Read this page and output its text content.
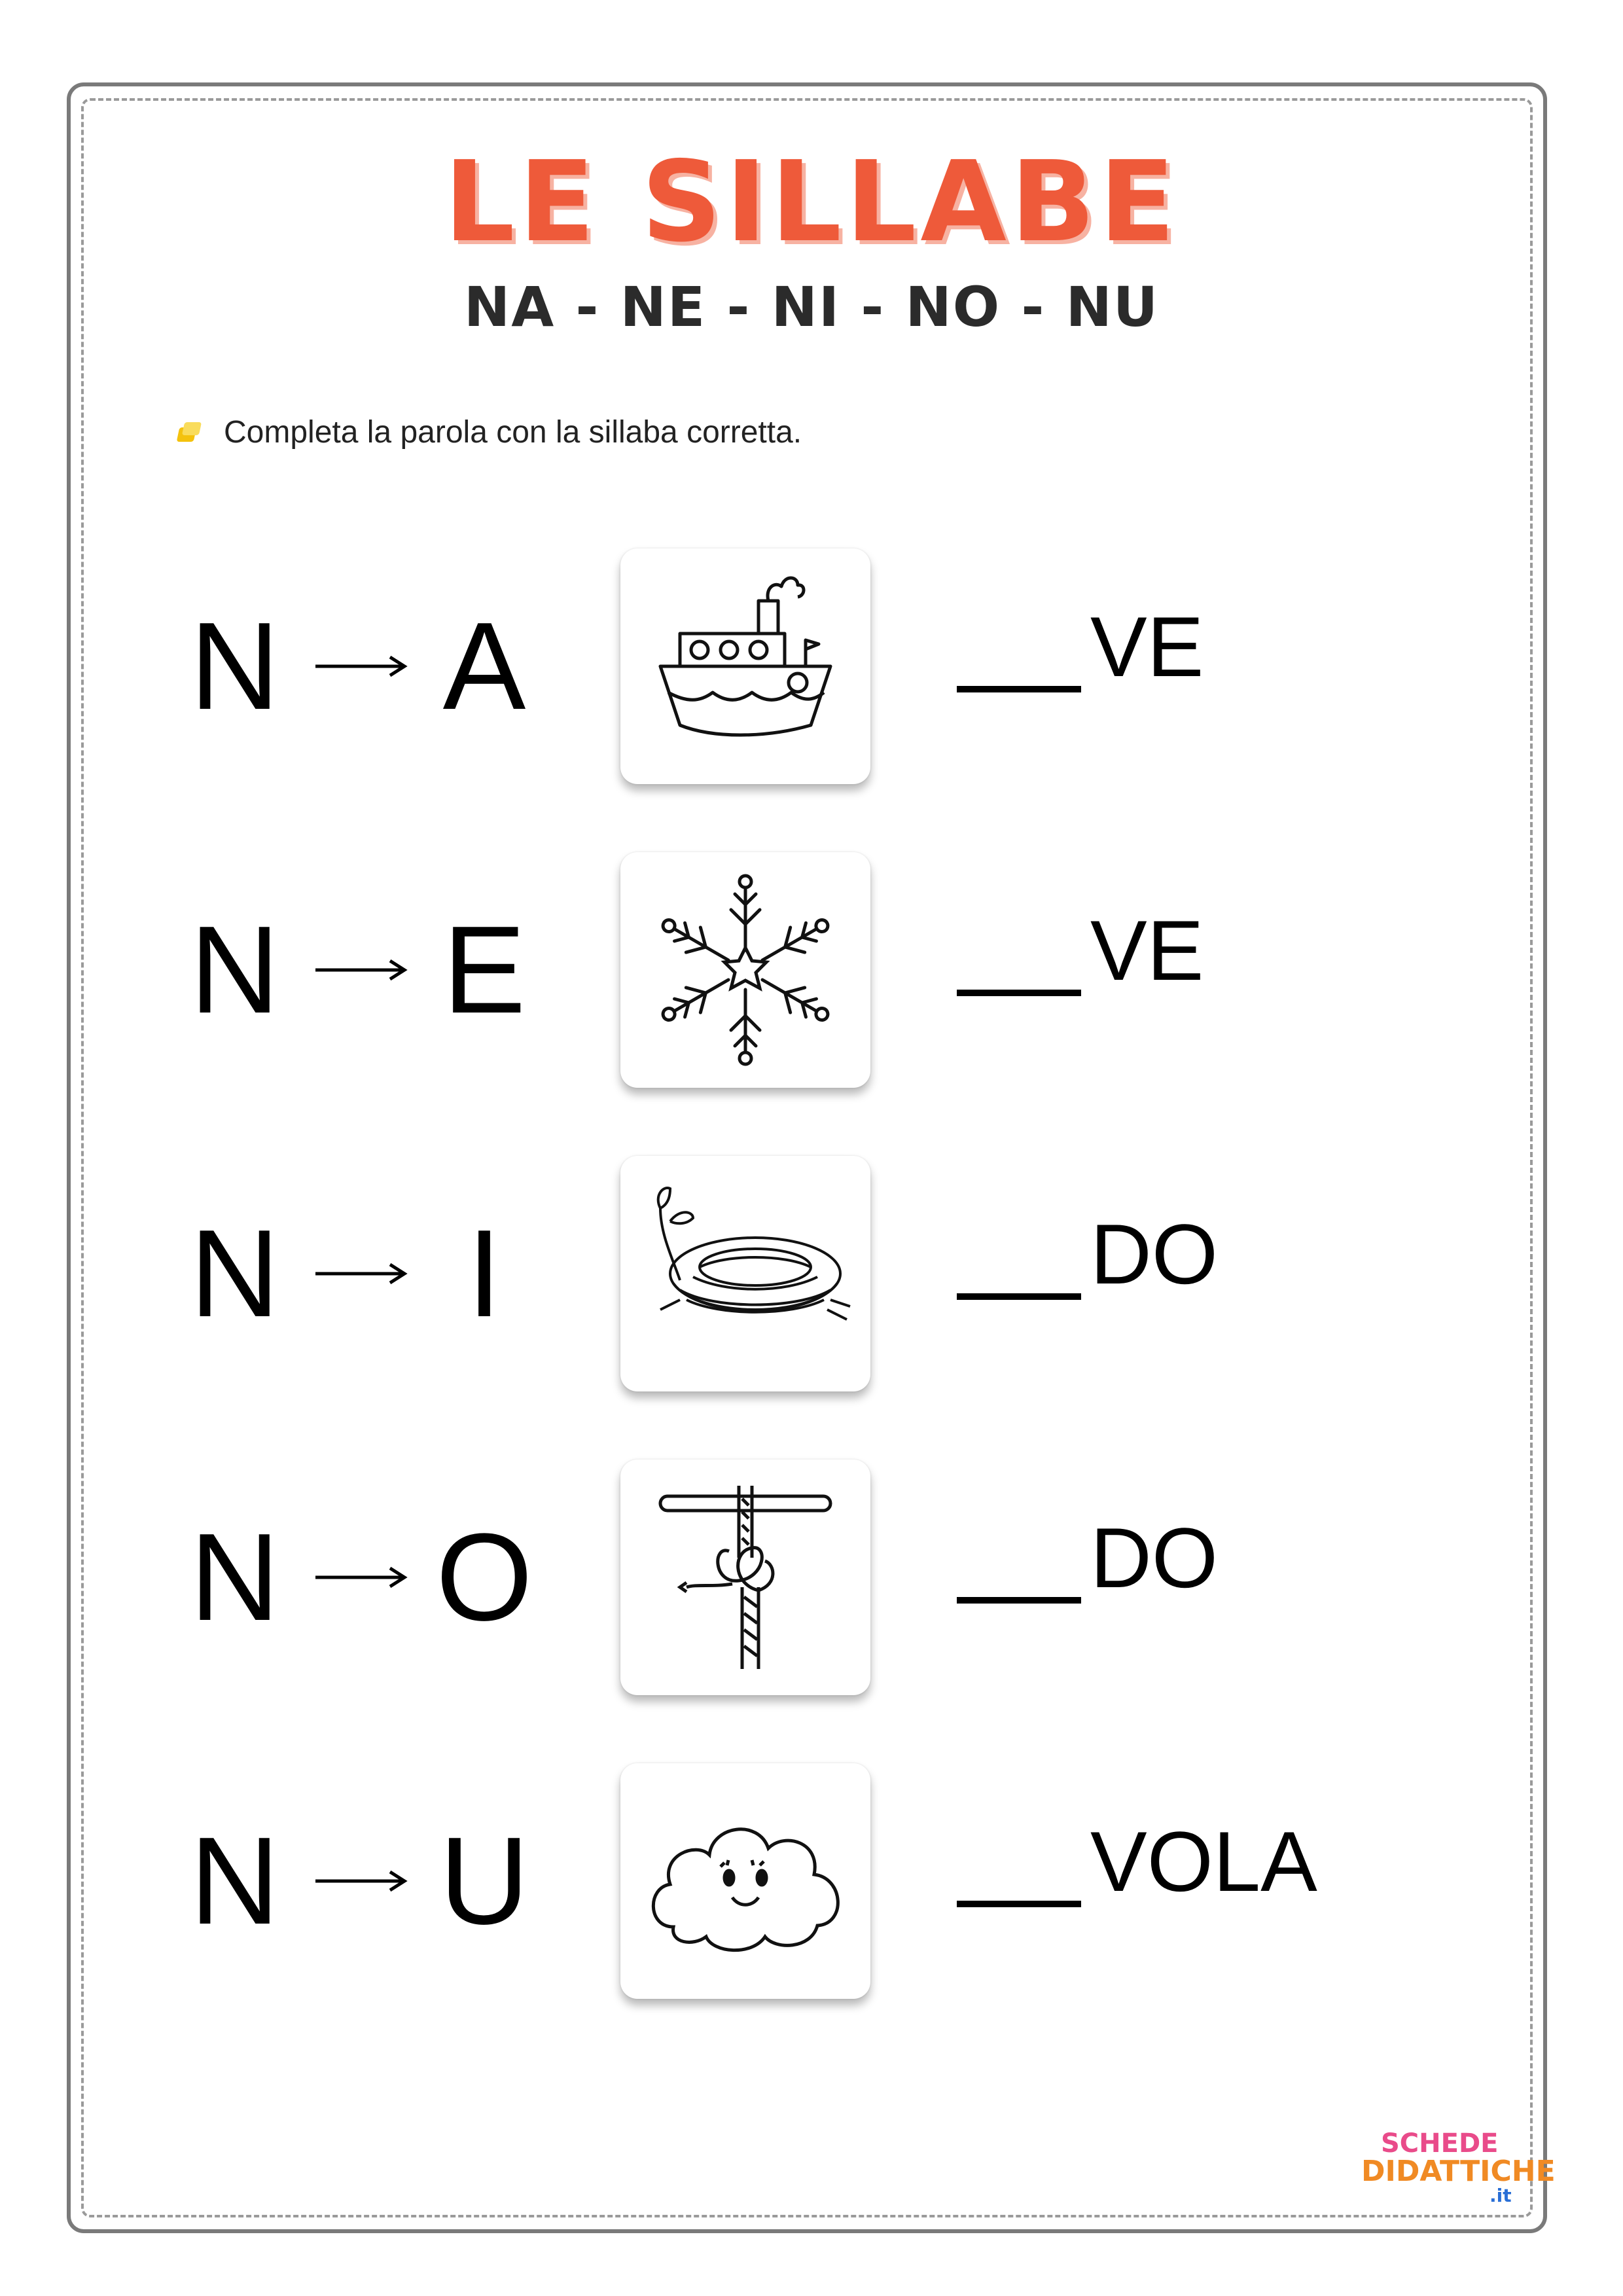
LE SILLABE
NA - NE - NI - NO - NU
Completa la parola con la sillaba corretta.
N A	VE
N E	VE
N I	DO
N O	DO
N U	VOLA
SCHEDE
DIDATTICHE
.it
